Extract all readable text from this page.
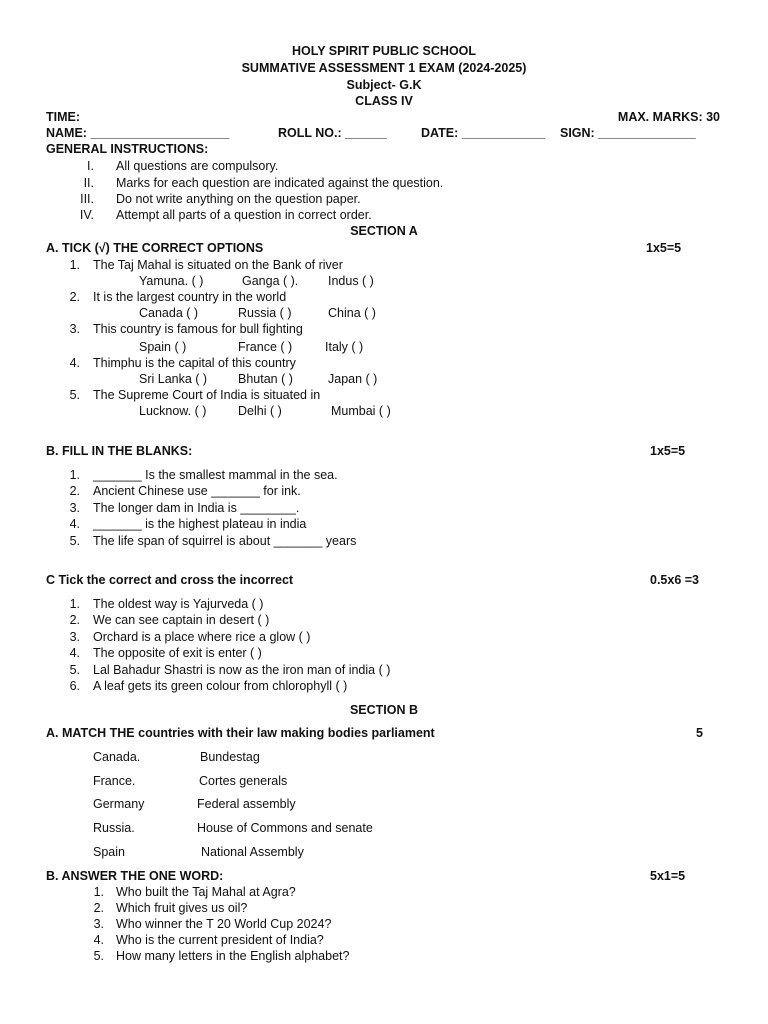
HOLY SPIRIT PUBLIC SCHOOL
SUMMATIVE ASSESSMENT 1 EXAM (2024-2025)
Subject- G.K
CLASS IV
TIME:	MAX. MARKS: 30
NAME: ____________________	ROLL NO.: ______	DATE: ____________ SIGN: ______________
GENERAL INSTRUCTIONS:
I. All questions are compulsory.
II. Marks for each question are indicated against the question.
III. Do not write anything on the question paper.
IV. Attempt all parts of a question in correct order.
SECTION A
A. TICK (√) THE CORRECT OPTIONS	1x5=5
1. The Taj Mahal is situated on the Bank of river
Yamuna. ( )	Ganga ( ). Indus ( )
2. It is the largest country in the world
Canada ( )	Russia ( )	China ( )
3. This country is famous for bull fighting
Spain ( )	France ( )	Italy ( )
4. Thimphu is the capital of this country
Sri Lanka ( ) Bhutan ( )	Japan ( )
5. The Supreme Court of India is situated in
Lucknow. ( )	Delhi ( )	Mumbai ( )
B. FILL IN THE BLANKS:	1x5=5
1. _______ Is the smallest mammal in the sea.
2. Ancient Chinese use _______ for ink.
3. The longer dam in India is ________.
4. _______ is the highest plateau in india
5. The life span of squirrel is about _______ years
C Tick the correct and cross the incorrect	0.5x6 =3
1. The oldest way is Yajurveda ( )
2. We can see captain in desert ( )
3. Orchard is a place where rice a glow ( )
4. The opposite of exit is enter ( )
5. Lal Bahadur Shastri is now as the iron man of india ( )
6. A leaf gets its green colour from chlorophyll ( )
SECTION B
A. MATCH THE countries with their law making bodies parliament	5
Canada.	Bundestag
France.	Cortes generals
Germany	Federal assembly
Russia.	House of Commons and senate
Spain	National Assembly
B. ANSWER THE ONE WORD:	5x1=5
1. Who built the Taj Mahal at Agra?
2. Which fruit gives us oil?
3. Who winner the T 20 World Cup 2024?
4. Who is the current president of India?
5. How many letters in the English alphabet?
